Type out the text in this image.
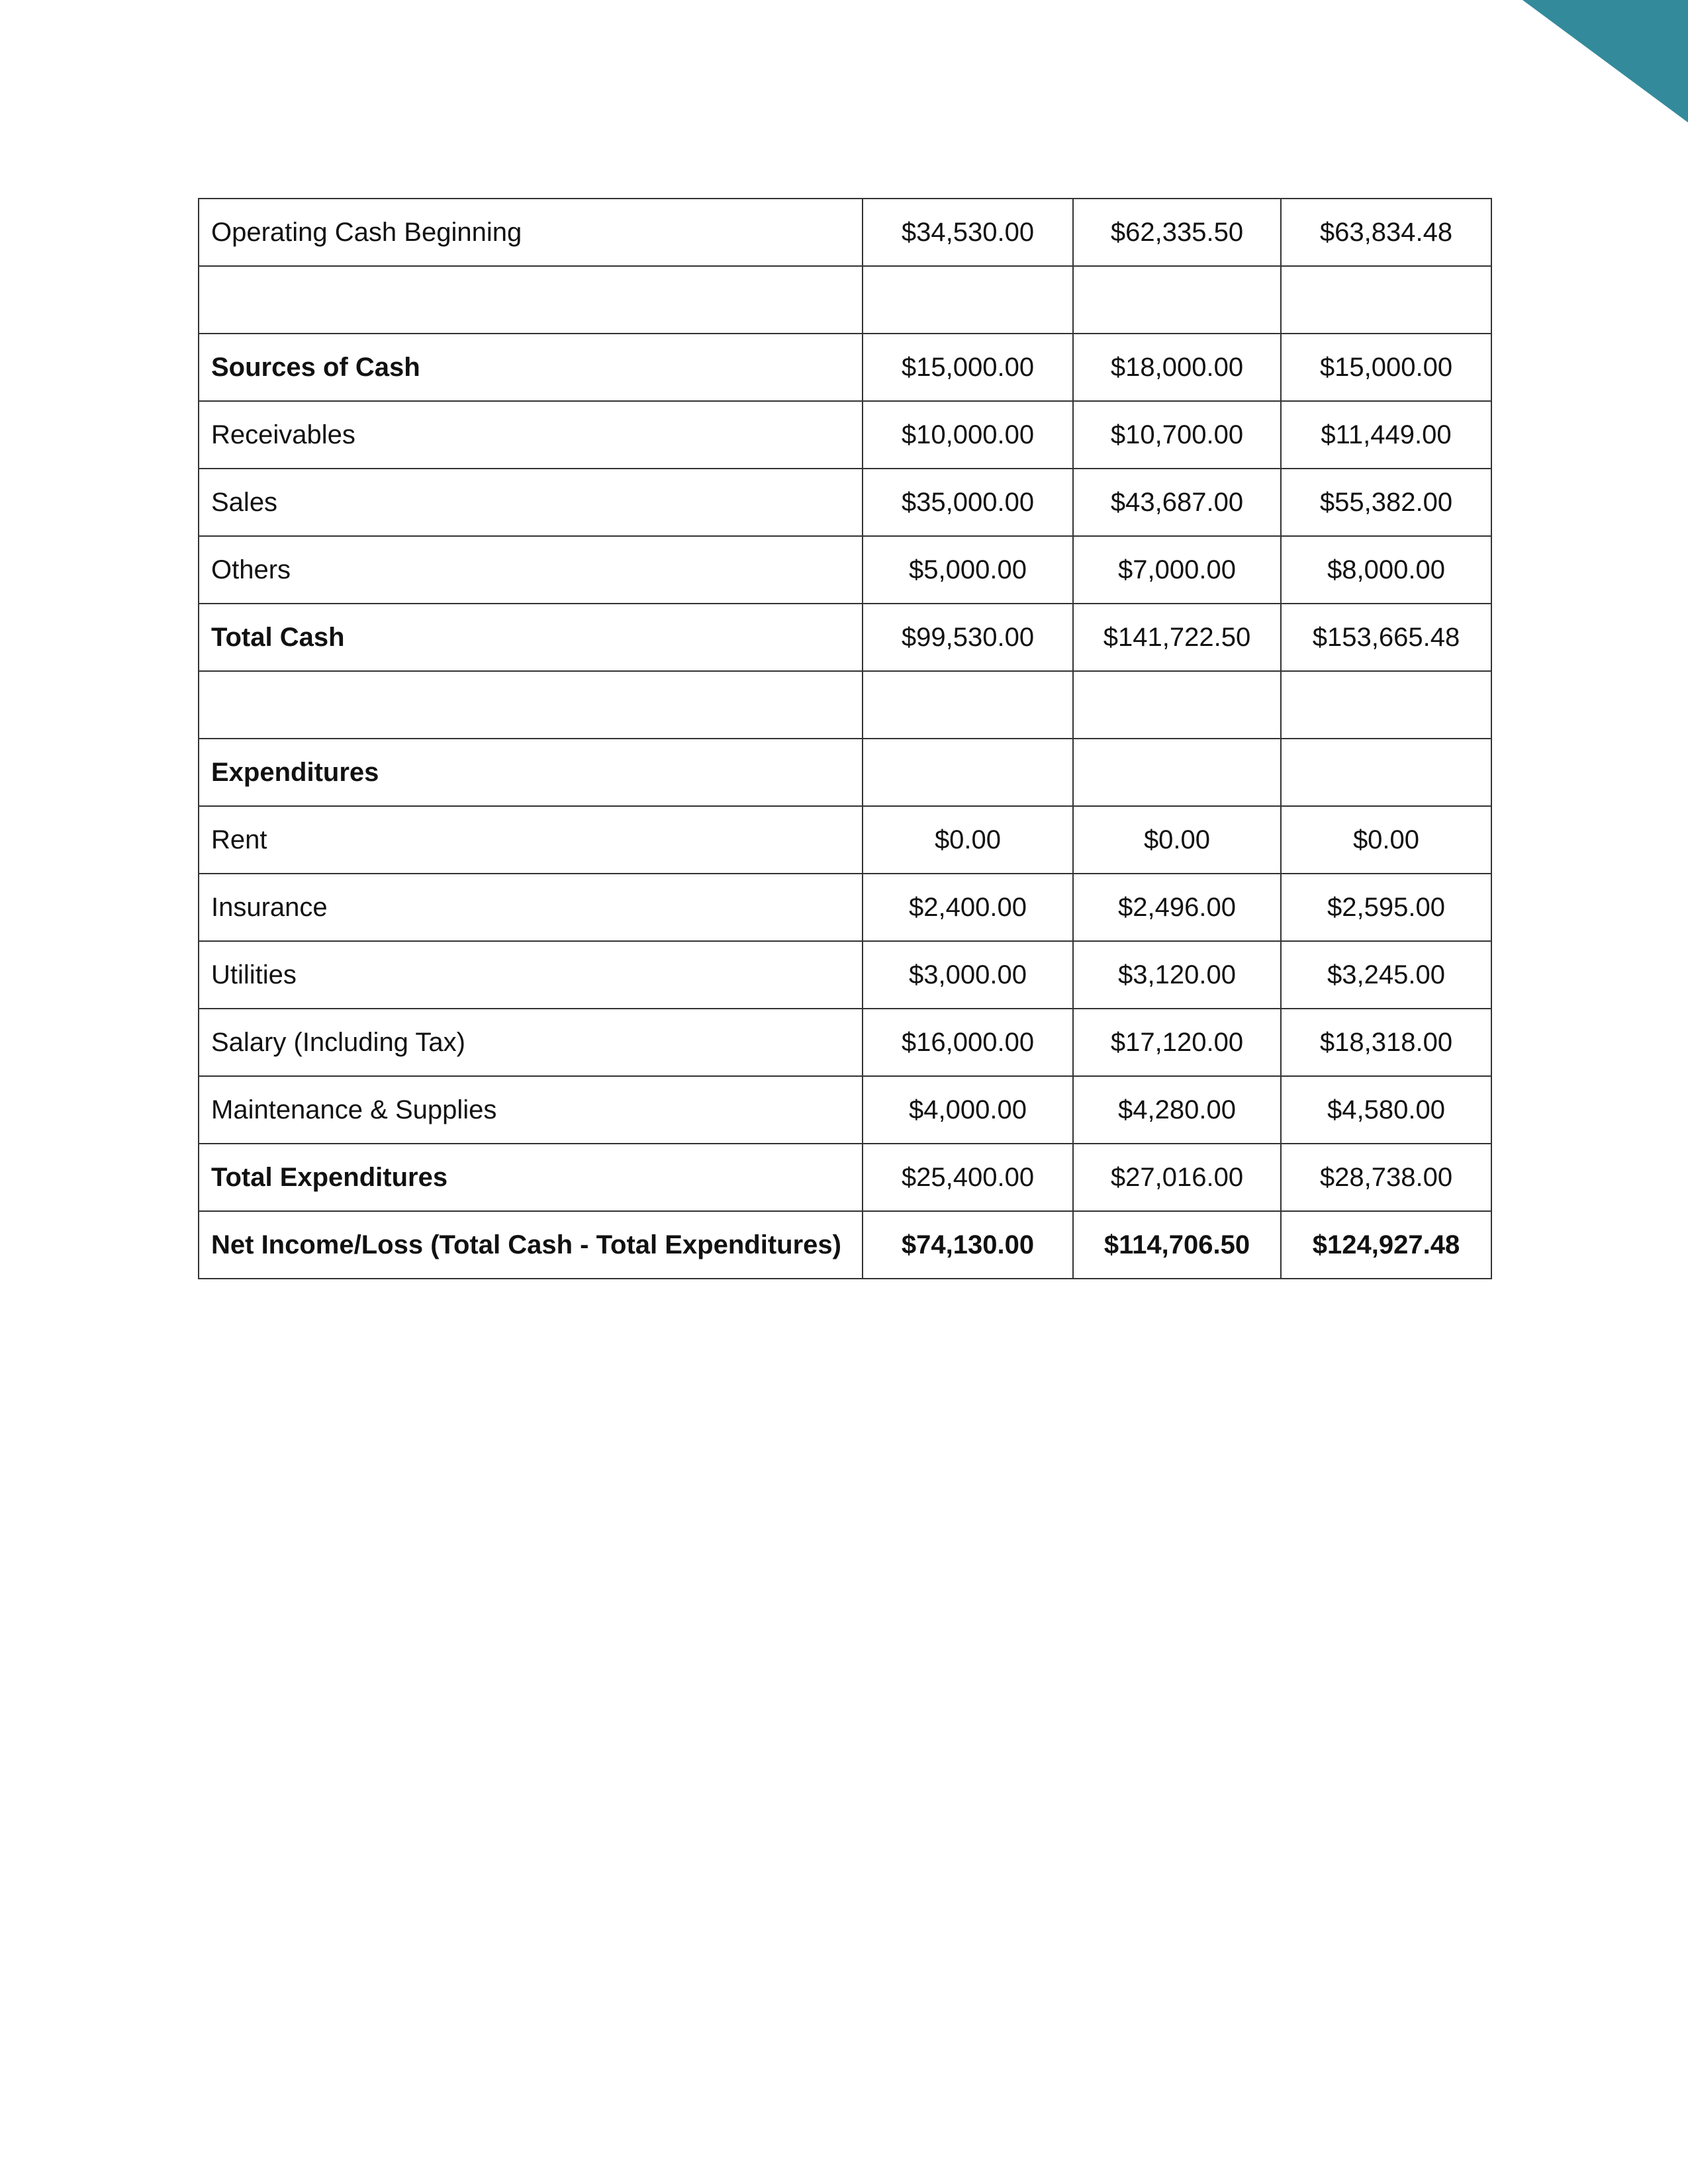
Operating Cash Beginning	$34,530.00	$62,335.50	$63,834.48

Sources of Cash	$15,000.00	$18,000.00	$15,000.00
Receivables	$10,000.00	$10,700.00	$11,449.00
Sales	$35,000.00	$43,687.00	$55,382.00
Others	$5,000.00	$7,000.00	$8,000.00
Total Cash	$99,530.00	$141,722.50	$153,665.48

Expenditures			
Rent	$0.00	$0.00	$0.00
Insurance	$2,400.00	$2,496.00	$2,595.00
Utilities	$3,000.00	$3,120.00	$3,245.00
Salary (Including Tax)	$16,000.00	$17,120.00	$18,318.00
Maintenance & Supplies	$4,000.00	$4,280.00	$4,580.00
Total Expenditures	$25,400.00	$27,016.00	$28,738.00
Net Income/Loss (Total Cash - Total Expenditures)	$74,130.00	$114,706.50	$124,927.48
